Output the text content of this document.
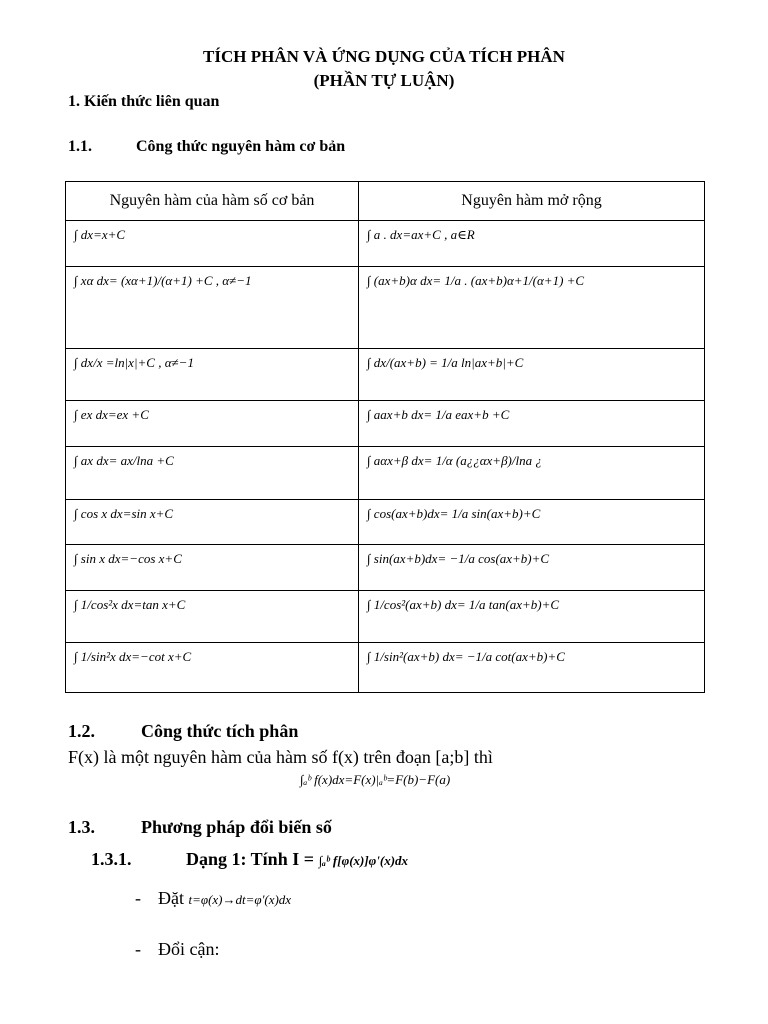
TÍCH PHÂN VÀ ỨNG DỤNG CỦA TÍCH PHÂN
(PHẦN TỰ LUẬN)
1. Kiến thức liên quan
1.1.	Công thức nguyên hàm cơ bản
Nguyên hàm của hàm số cơ bản	Nguyên hàm mở rộng

∫ dx=x+C	∫ a . dx=ax+C , a∈R

∫ xα dx= (xα+1)/(α+1) +C , α≠−1	∫ (ax+b)α dx= 1/a . (ax+b)α+1/(α+1) +C

∫ dx/x =ln|x|+C , α≠−1	∫ dx/(ax+b) = 1/a ln|ax+b|+C

∫ ex dx=ex +C	∫ aax+b dx= 1/a eax+b +C

∫ ax dx= ax/lna +C	∫ aαx+β dx= 1/α (a¿¿αx+β)/lna ¿

∫ cos x dx=sin x+C	∫ cos(ax+b)dx= 1/a sin(ax+b)+C

∫ sin x dx=−cos x+C	∫ sin(ax+b)dx= −1/a cos(ax+b)+C

∫ 1/cos²x dx=tan x+C	∫ 1/cos²(ax+b) dx= 1/a tan(ax+b)+C

∫ 1/sin²x dx=−cot x+C	∫ 1/sin²(ax+b) dx= −1/a cot(ax+b)+C
1.2.	Công thức tích phân
F(x) là một nguyên hàm của hàm số f(x) trên đoạn [a;b] thì
∫ₐᵇ f(x)dx=F(x)|ₐᵇ=F(b)−F(a)
1.3.	Phương pháp đổi biến số
1.3.1.	Dạng 1: Tính I = ∫ₐᵇ f[φ(x)]φ'(x)dx
- Đặt t=φ(x)→dt=φ'(x)dx
- Đổi cận:
